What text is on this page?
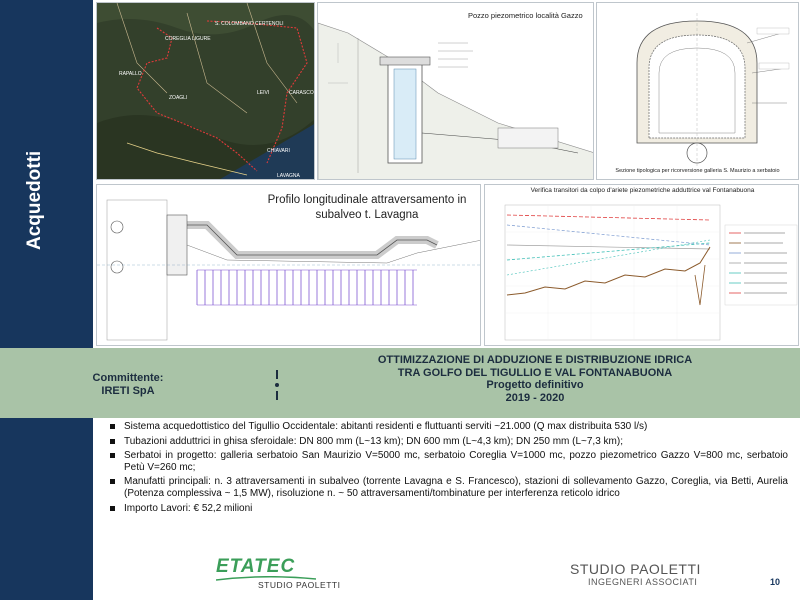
Acquedotti
S. COLOMBANO CERTENOLI
COREGLIA LIGURE
RAPALLO
ZOAGLI
LEIVI	CARASCO
CHIAVARI
LAVAGNA
Pozzo piezometrico località Gazzo
Sezione tipologica per ricorversione galleria S. Maurizio a serbatoio
Profilo longitudinale attraversamento in subalveo t. Lavagna
Verifica transitori da colpo d'ariete piezometriche adduttrice val Fontanabuona
Committente:
IRETI SpA
OTTIMIZZAZIONE DI ADDUZIONE E DISTRIBUZIONE IDRICA
TRA GOLFO DEL TIGULLIO E VAL FONTANABUONA
Progetto definitivo
2019 - 2020
Sistema acquedottistico del Tigullio Occidentale: abitanti residenti e fluttuanti serviti ~21.000 (Q max distribuita 530 l/s)
Tubazioni adduttrici in ghisa sferoidale: DN 800 mm (L~13 km); DN 600 mm (L~4,3 km); DN 250 mm (L~7,3 km);
Serbatoi in progetto: galleria serbatoio San Maurizio V=5000 mc, serbatoio Coreglia V=1000 mc, pozzo piezometrico Gazzo V=800 mc, serbatoio Petù V=260 mc;
Manufatti principali: n. 3 attraversamenti in subalveo (torrente Lavagna e S. Francesco), stazioni di sollevamento Gazzo, Coreglia, via Betti, Aurelia (Potenza complessiva ~ 1,5 MW), risoluzione n. ~ 50 attraversamenti/tombinature per interferenza reticolo idrico
Importo Lavori: € 52,2 milioni
ETATEC
STUDIO PAOLETTI
STUDIO PAOLETTI
INGEGNERI ASSOCIATI	10
